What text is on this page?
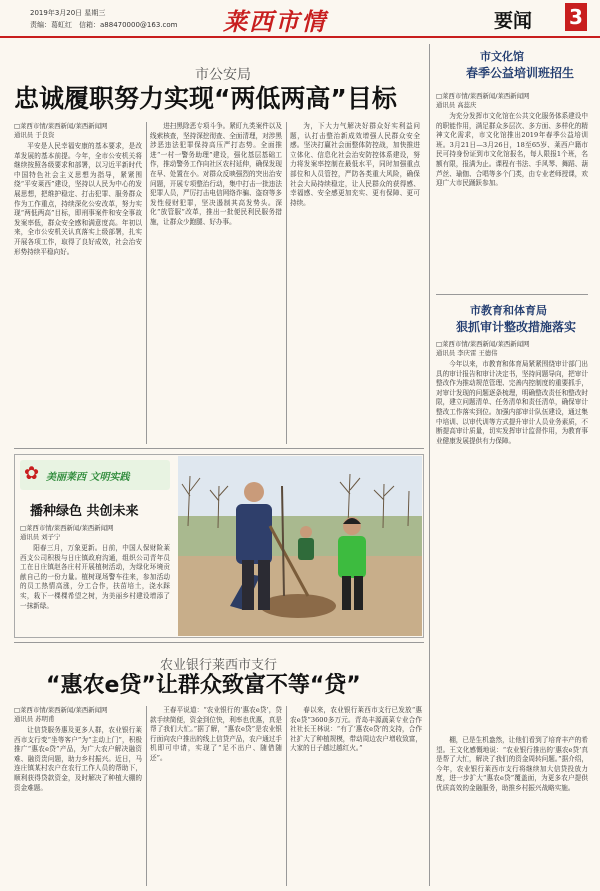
2019年3月20日 星期三
责编：葛虹红　信箱：a88470000@163.com 莱西市情	要闻 3
市公安局
忠诚履职努力实现“两低两高”目标
□莱西市情/莱西新闻/莱西新闻网
通讯员 于良资

平安是人民幸福安康的基本要求，是改革发展的基本前提。今年，全市公安机关将继续按照各级要求和部署，以习近平新时代中国特色社会主义思想为指导，紧紧围绕“平安莱西”建设，坚持以人民为中心的发展思想，把维护稳定、打击犯罪、服务群众作为工作重点，持续深化公安改革，努力实现“两低两高”目标，即刑事案件和安全事故发案率低，群众安全感和满意度高。年初以来，全市公安机关认真落实上级部署，扎实开展各项工作，取得了良好成效，社会治安形势持续平稳向好。

进扫黑除恶专项斗争。紧盯九类案件以及线索核查，坚持深挖彻查、全面清理，对涉黑涉恶违法犯罪保持高压严打态势。全面推进“一村一警务助理”建设，强化基层基础工作，推动警务工作向社区农村延伸，确保发现在早、处置在小。对群众反映强烈的突出治安问题，开展专项整治行动，集中打击一批违法犯罪人员，严厉打击电信网络诈骗、盗窃等多发性侵财犯罪，坚决遏制其高发势头。深化“放管服”改革，推出一批便民利民服务措施，让群众少跑腿、好办事。

为，下大力气解决好群众好实利益问题，认打击整治新成效增强人民群众安全感。坚决打赢社会面整体防控战，加快推进立体化、信息化社会治安防控体系建设，努力将发案率控制在最低水平，同时加强重点部位和人员管控，严防各类重大风险，确保社会大局持续稳定，让人民群众的获得感、幸福感、安全感更加充实、更有保障、更可持续。

市文化馆
春季公益培训班招生
□莱西市情/莱西新闻/莱西新闻网
通讯员 高蕊庆

为充分发挥市文化馆在公共文化服务体系建设中的职能作用，满足群众多层次、多方面、多样化的精神文化需求，市文化馆推出2019年春季公益培训班。3月21日—3月26日，18至65岁、莱西户籍市民可持身份证到市文化馆报名，每人限报1个班，名额有限，报满为止。课程有书法、手风琴、舞蹈、葫芦丝、瑜伽、合唱等多个门类，由专业老师授课，欢迎广大市民踊跃参加。

市教育和体育局
狠抓审计整改措施落实
□莱西市情/莱西新闻/莱西新闻网
通讯员 李庆雷 王德伟

今年以来，市教育和体育局紧紧围绕审计部门出具的审计报告和审计决定书，坚持问题导向，把审计整改作为推动规范管理、完善内控制度的重要抓手，对审计发现的问题逐条梳理，明确整改责任和整改时限，建立问题清单、任务清单和责任清单，确保审计整改工作落实到位。加强内部审计队伍建设，通过集中培训、以审代训等方式提升审计人员业务素质，不断提高审计质量，切实发挥审计监督作用，为教育事业健康发展提供有力保障。

✿ 美丽莱西 文明实践
播种绿色 共创未来
□莱西市情/莱西新闻/莱西新闻网
通讯员 刘子宁

阳春三月，万象更新。日前，中国人保财险莱西支公司积极与日庄镇政府沟通，组织公司青年员工在日庄镇赵各庄村开展植树活动，为绿化环境贡献自己的一份力量。植树现场警车往来，参加活动的员工热情高涨，分工合作，扶苗培土，浇水踩实，栽下一棵棵希望之树，为美丽乡村建设增添了一抹新绿。

农业银行莱西市支行
“惠农e贷”让群众致富不等“贷”
□莱西市情/莱西新闻/莱西新闻网
通讯员 苏明甫

让信贷服务惠及更多人群，农业银行莱西市支行变“坐等客户”为“主动上门”，积极推广“惠农e贷”产品，为广大农户解决融资难、融资贵问题，助力乡村振兴。近日，马连庄镇某村农户在农行工作人员的帮助下，顺利获得贷款资金，及时解决了种植大棚的资金难题。

王春平说道：“农业银行的‘惠农e贷’，贷款手续简便，资金到位快，利率也优惠，真是帮了我们大忙。”据了解，“惠农e贷”是农业银行面向农户推出的线上信贷产品，农户通过手机即可申请，实现了“足不出户、随借随还”。

春以来，农业银行莱西市支行已发放“惠农e贷”3600多万元。青岛丰源蔬菜专业合作社社长王林说：“有了‘惠农e贷’的支持，合作社扩大了种植规模，带动周边农户增收致富，大家的日子越过越红火。”

棚，已是生机盎然，让他们看到了培育丰产的希望。王文化感慨地说：“农业银行推出的‘惠农e贷’真是帮了大忙，解决了我们的资金周转问题。”据介绍，今年，农业银行莱西市支行将继续加大信贷投放力度，进一步扩大“惠农e贷”覆盖面，为更多农户提供优质高效的金融服务，助推乡村振兴战略实施。
